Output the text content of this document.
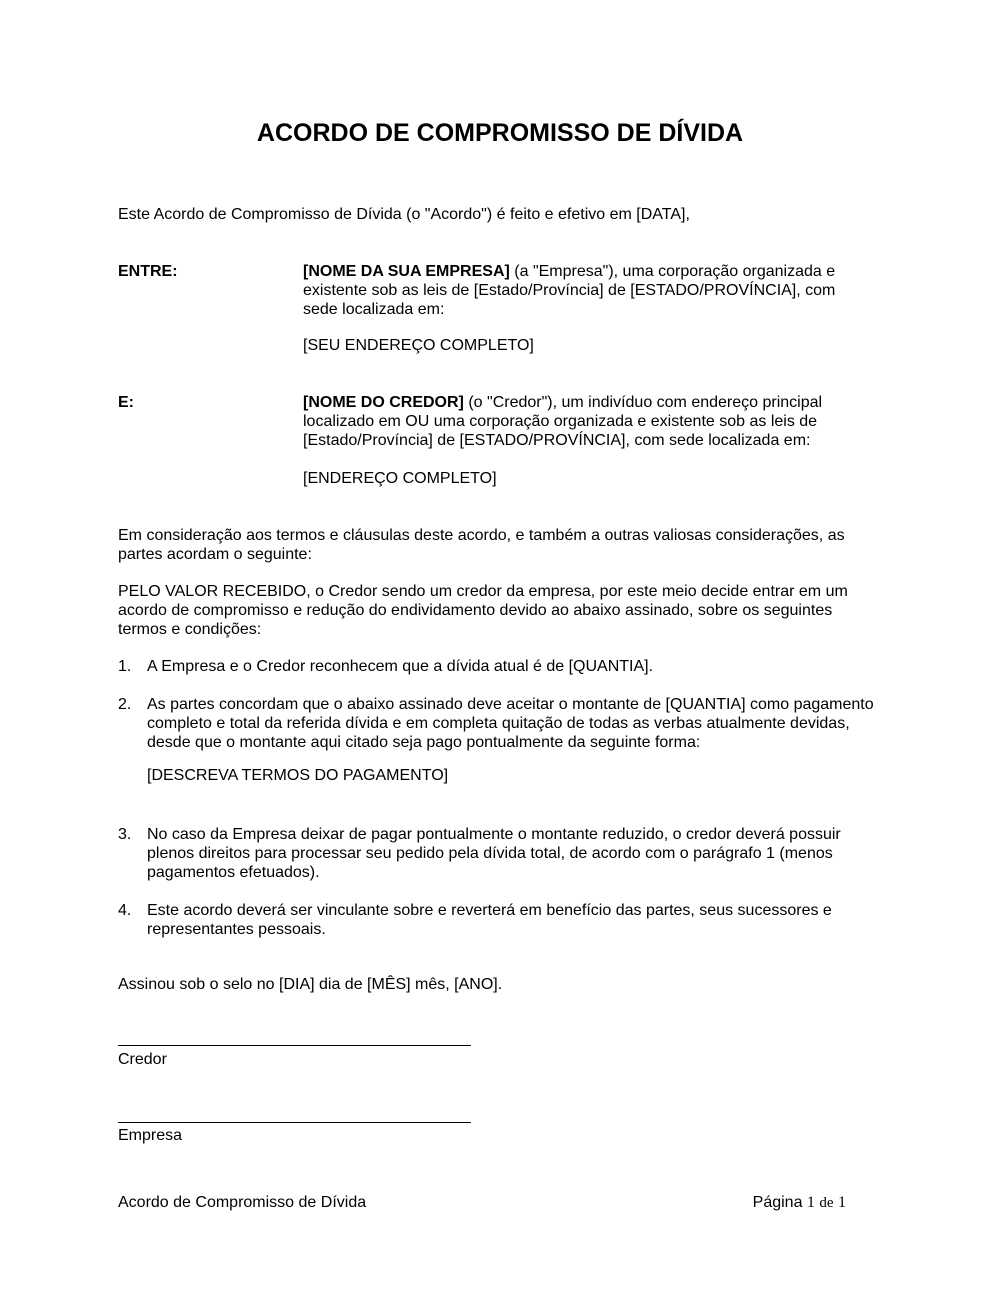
ACORDO DE COMPROMISSO DE DÍVIDA

Este Acordo de Compromisso de Dívida (o "Acordo") é feito e efetivo em [DATA],

ENTRE:	[NOME DA SUA EMPRESA] (a "Empresa"), uma corporação organizada e existente sob as leis de [Estado/Província] de [ESTADO/PROVÍNCIA], com sede localizada em:

[SEU ENDEREÇO COMPLETO]

E:	[NOME DO CREDOR] (o "Credor"), um indivíduo com endereço principal localizado em OU uma corporação organizada e existente sob as leis de [Estado/Província] de [ESTADO/PROVÍNCIA], com sede localizada em:

[ENDEREÇO COMPLETO]

Em consideração aos termos e cláusulas deste acordo, e também a outras valiosas considerações, as partes acordam o seguinte:

PELO VALOR RECEBIDO, o Credor sendo um credor da empresa, por este meio decide entrar em um acordo de compromisso e redução do endividamento devido ao abaixo assinado, sobre os seguintes termos e condições:

1. A Empresa e o Credor reconhecem que a dívida atual é de [QUANTIA].
2. As partes concordam que o abaixo assinado deve aceitar o montante de [QUANTIA] como pagamento completo e total da referida dívida e em completa quitação de todas as verbas atualmente devidas, desde que o montante aqui citado seja pago pontualmente da seguinte forma:
[DESCREVA TERMOS DO PAGAMENTO]
3. No caso da Empresa deixar de pagar pontualmente o montante reduzido, o credor deverá possuir plenos direitos para processar seu pedido pela dívida total, de acordo com o parágrafo 1 (menos pagamentos efetuados).
4. Este acordo deverá ser vinculante sobre e reverterá em benefício das partes, seus sucessores e representantes pessoais.

Assinou sob o selo no [DIA] dia de [MÊS] mês, [ANO].

Credor

Empresa

Acordo de Compromisso de Dívida	Página 1 de 1
